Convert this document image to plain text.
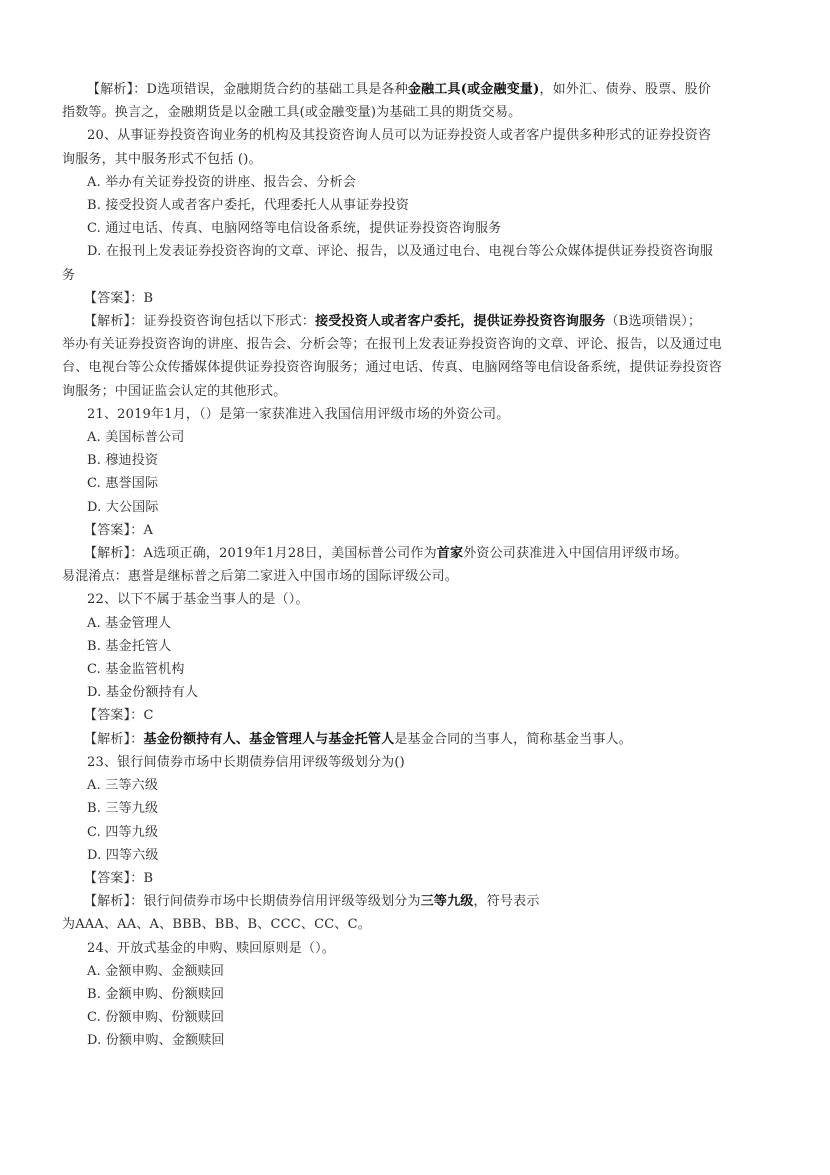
【解析】：D选项错误，金融期货合约的基础工具是各种金融工具(或金融变量)，如外汇、债券、股票、股价
指数等。换言之，金融期货是以金融工具(或金融变量)为基础工具的期货交易。
20、从事证券投资咨询业务的机构及其投资咨询人员可以为证券投资人或者客户提供多种形式的证券投资咨
询服务，其中服务形式不包括 ()。
A. 举办有关证券投资的讲座、报告会、分析会
B. 接受投资人或者客户委托，代理委托人从事证券投资
C. 通过电话、传真、电脑网络等电信设备系统，提供证券投资咨询服务
D. 在报刊上发表证券投资咨询的文章、评论、报告，以及通过电台、电视台等公众媒体提供证券投资咨询服
务
【答案】：B
【解析】：证券投资咨询包括以下形式：接受投资人或者客户委托，提供证券投资咨询服务（B选项错误）；
举办有关证券投资咨询的讲座、报告会、分析会等；在报刊上发表证券投资咨询的文章、评论、报告，以及通过电
台、电视台等公众传播媒体提供证券投资咨询服务；通过电话、传真、电脑网络等电信设备系统，提供证券投资咨
询服务；中国证监会认定的其他形式。
21、2019年1月，（）是第一家获准进入我国信用评级市场的外资公司。
A. 美国标普公司
B. 穆迪投资
C. 惠誉国际
D. 大公国际
【答案】：A
【解析】：A选项正确，2019年1月28日，美国标普公司作为首家外资公司获准进入中国信用评级市场。
易混淆点：惠誉是继标普之后第二家进入中国市场的国际评级公司。
22、以下不属于基金当事人的是（）。
A. 基金管理人
B. 基金托管人
C. 基金监管机构
D. 基金份额持有人
【答案】：C
【解析】：基金份额持有人、基金管理人与基金托管人是基金合同的当事人，简称基金当事人。
23、银行间债券市场中长期债券信用评级等级划分为()
A. 三等六级
B. 三等九级
C. 四等九级
D. 四等六级
【答案】：B
【解析】：银行间债券市场中长期债券信用评级等级划分为三等九级，符号表示
为AAA、AA、A、BBB、BB、B、CCC、CC、C。
24、开放式基金的申购、赎回原则是（）。
A. 金额申购、金额赎回
B. 金额申购、份额赎回
C. 份额申购、份额赎回
D. 份额申购、金额赎回
